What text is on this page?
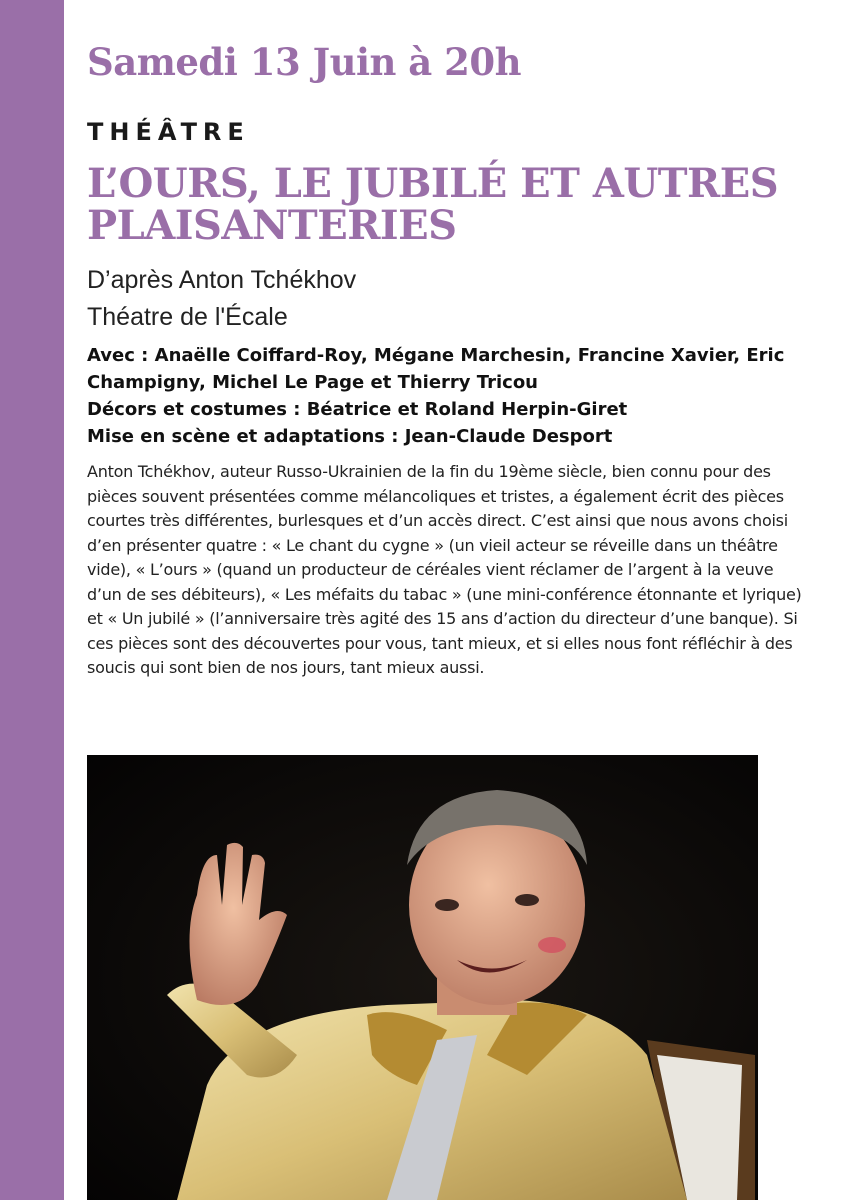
Samedi 13 Juin à 20h
THÉÂTRE
L’OURS, LE JUBILÉ ET AUTRES PLAISANTERIES
D’après Anton Tchékhov
Théatre de l'Écale
Avec : Anaëlle Coiffard-Roy, Mégane Marchesin, Francine Xavier, Eric Champigny, Michel Le Page et Thierry Tricou
Décors et costumes : Béatrice et Roland Herpin-Giret
Mise en scène et adaptations : Jean-Claude Desport
Anton Tchékhov, auteur Russo-Ukrainien de la fin du 19ème siècle, bien connu pour des pièces souvent présentées comme mélancoliques et tristes, a également écrit des pièces courtes très différentes, burlesques et d’un accès direct. C’est ainsi que nous avons choisi d’en présenter quatre : « Le chant du cygne » (un vieil acteur se réveille dans un théâtre vide), « L’ours » (quand un producteur de céréales vient réclamer de l’argent à la veuve d’un de ses débiteurs), « Les méfaits du tabac » (une mini-conférence étonnante et lyrique) et « Un jubilé » (l’anniversaire très agité des 15 ans d’action du directeur d’une banque). Si ces pièces sont des découvertes pour vous, tant mieux, et si elles nous font réfléchir à des soucis qui sont bien de nos jours, tant mieux aussi.
